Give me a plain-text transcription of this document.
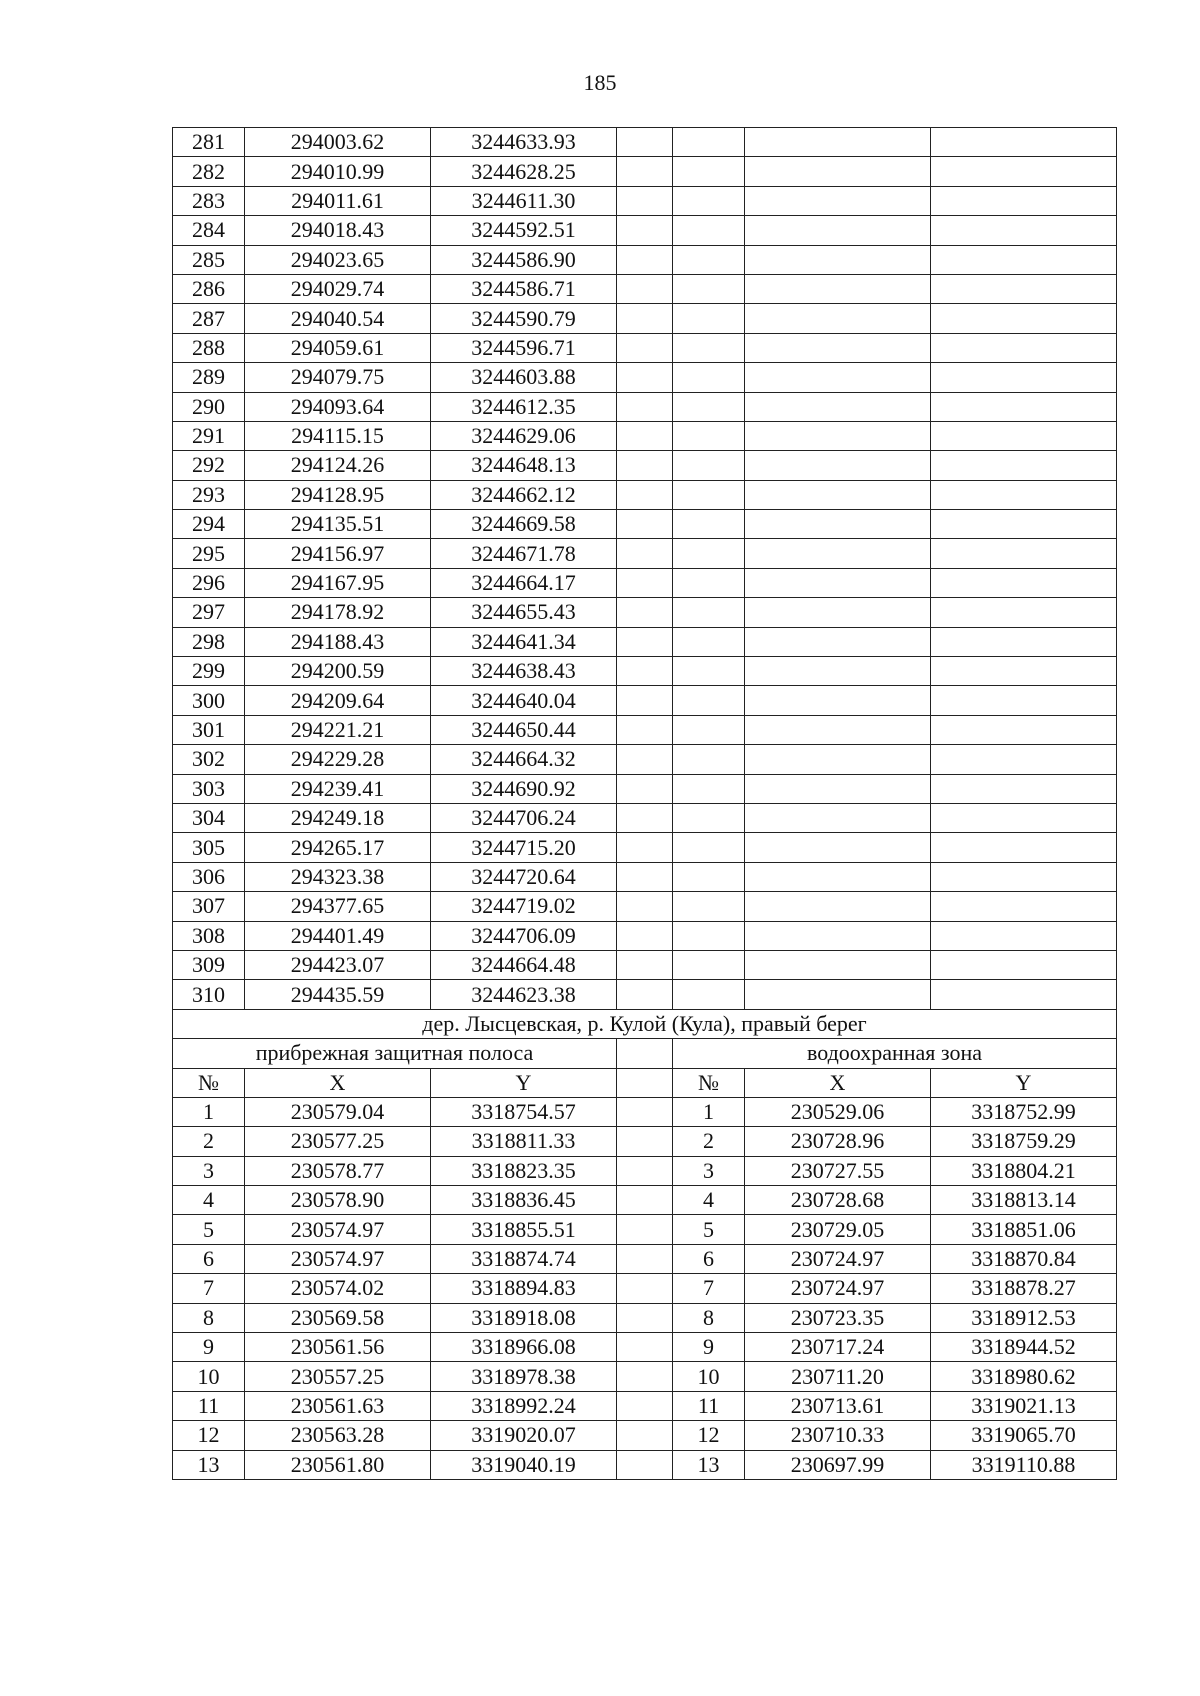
185
281	294003.62	3244633.93				
282	294010.99	3244628.25				
283	294011.61	3244611.30				
284	294018.43	3244592.51				
285	294023.65	3244586.90				
286	294029.74	3244586.71				
287	294040.54	3244590.79				
288	294059.61	3244596.71				
289	294079.75	3244603.88				
290	294093.64	3244612.35				
291	294115.15	3244629.06				
292	294124.26	3244648.13				
293	294128.95	3244662.12				
294	294135.51	3244669.58				
295	294156.97	3244671.78				
296	294167.95	3244664.17				
297	294178.92	3244655.43				
298	294188.43	3244641.34				
299	294200.59	3244638.43				
300	294209.64	3244640.04				
301	294221.21	3244650.44				
302	294229.28	3244664.32				
303	294239.41	3244690.92				
304	294249.18	3244706.24				
305	294265.17	3244715.20				
306	294323.38	3244720.64				
307	294377.65	3244719.02				
308	294401.49	3244706.09				
309	294423.07	3244664.48				
310	294435.59	3244623.38				
дер. Лысцевская, р. Кулой (Кула), правый берег						
прибрежная защитная полоса				водоохранная зона		
№	X	Y		№	X	Y
1	230579.04	3318754.57		1	230529.06	3318752.99
2	230577.25	3318811.33		2	230728.96	3318759.29
3	230578.77	3318823.35		3	230727.55	3318804.21
4	230578.90	3318836.45		4	230728.68	3318813.14
5	230574.97	3318855.51		5	230729.05	3318851.06
6	230574.97	3318874.74		6	230724.97	3318870.84
7	230574.02	3318894.83		7	230724.97	3318878.27
8	230569.58	3318918.08		8	230723.35	3318912.53
9	230561.56	3318966.08		9	230717.24	3318944.52
10	230557.25	3318978.38		10	230711.20	3318980.62
11	230561.63	3318992.24		11	230713.61	3319021.13
12	230563.28	3319020.07		12	230710.33	3319065.70
13	230561.80	3319040.19		13	230697.99	3319110.88
